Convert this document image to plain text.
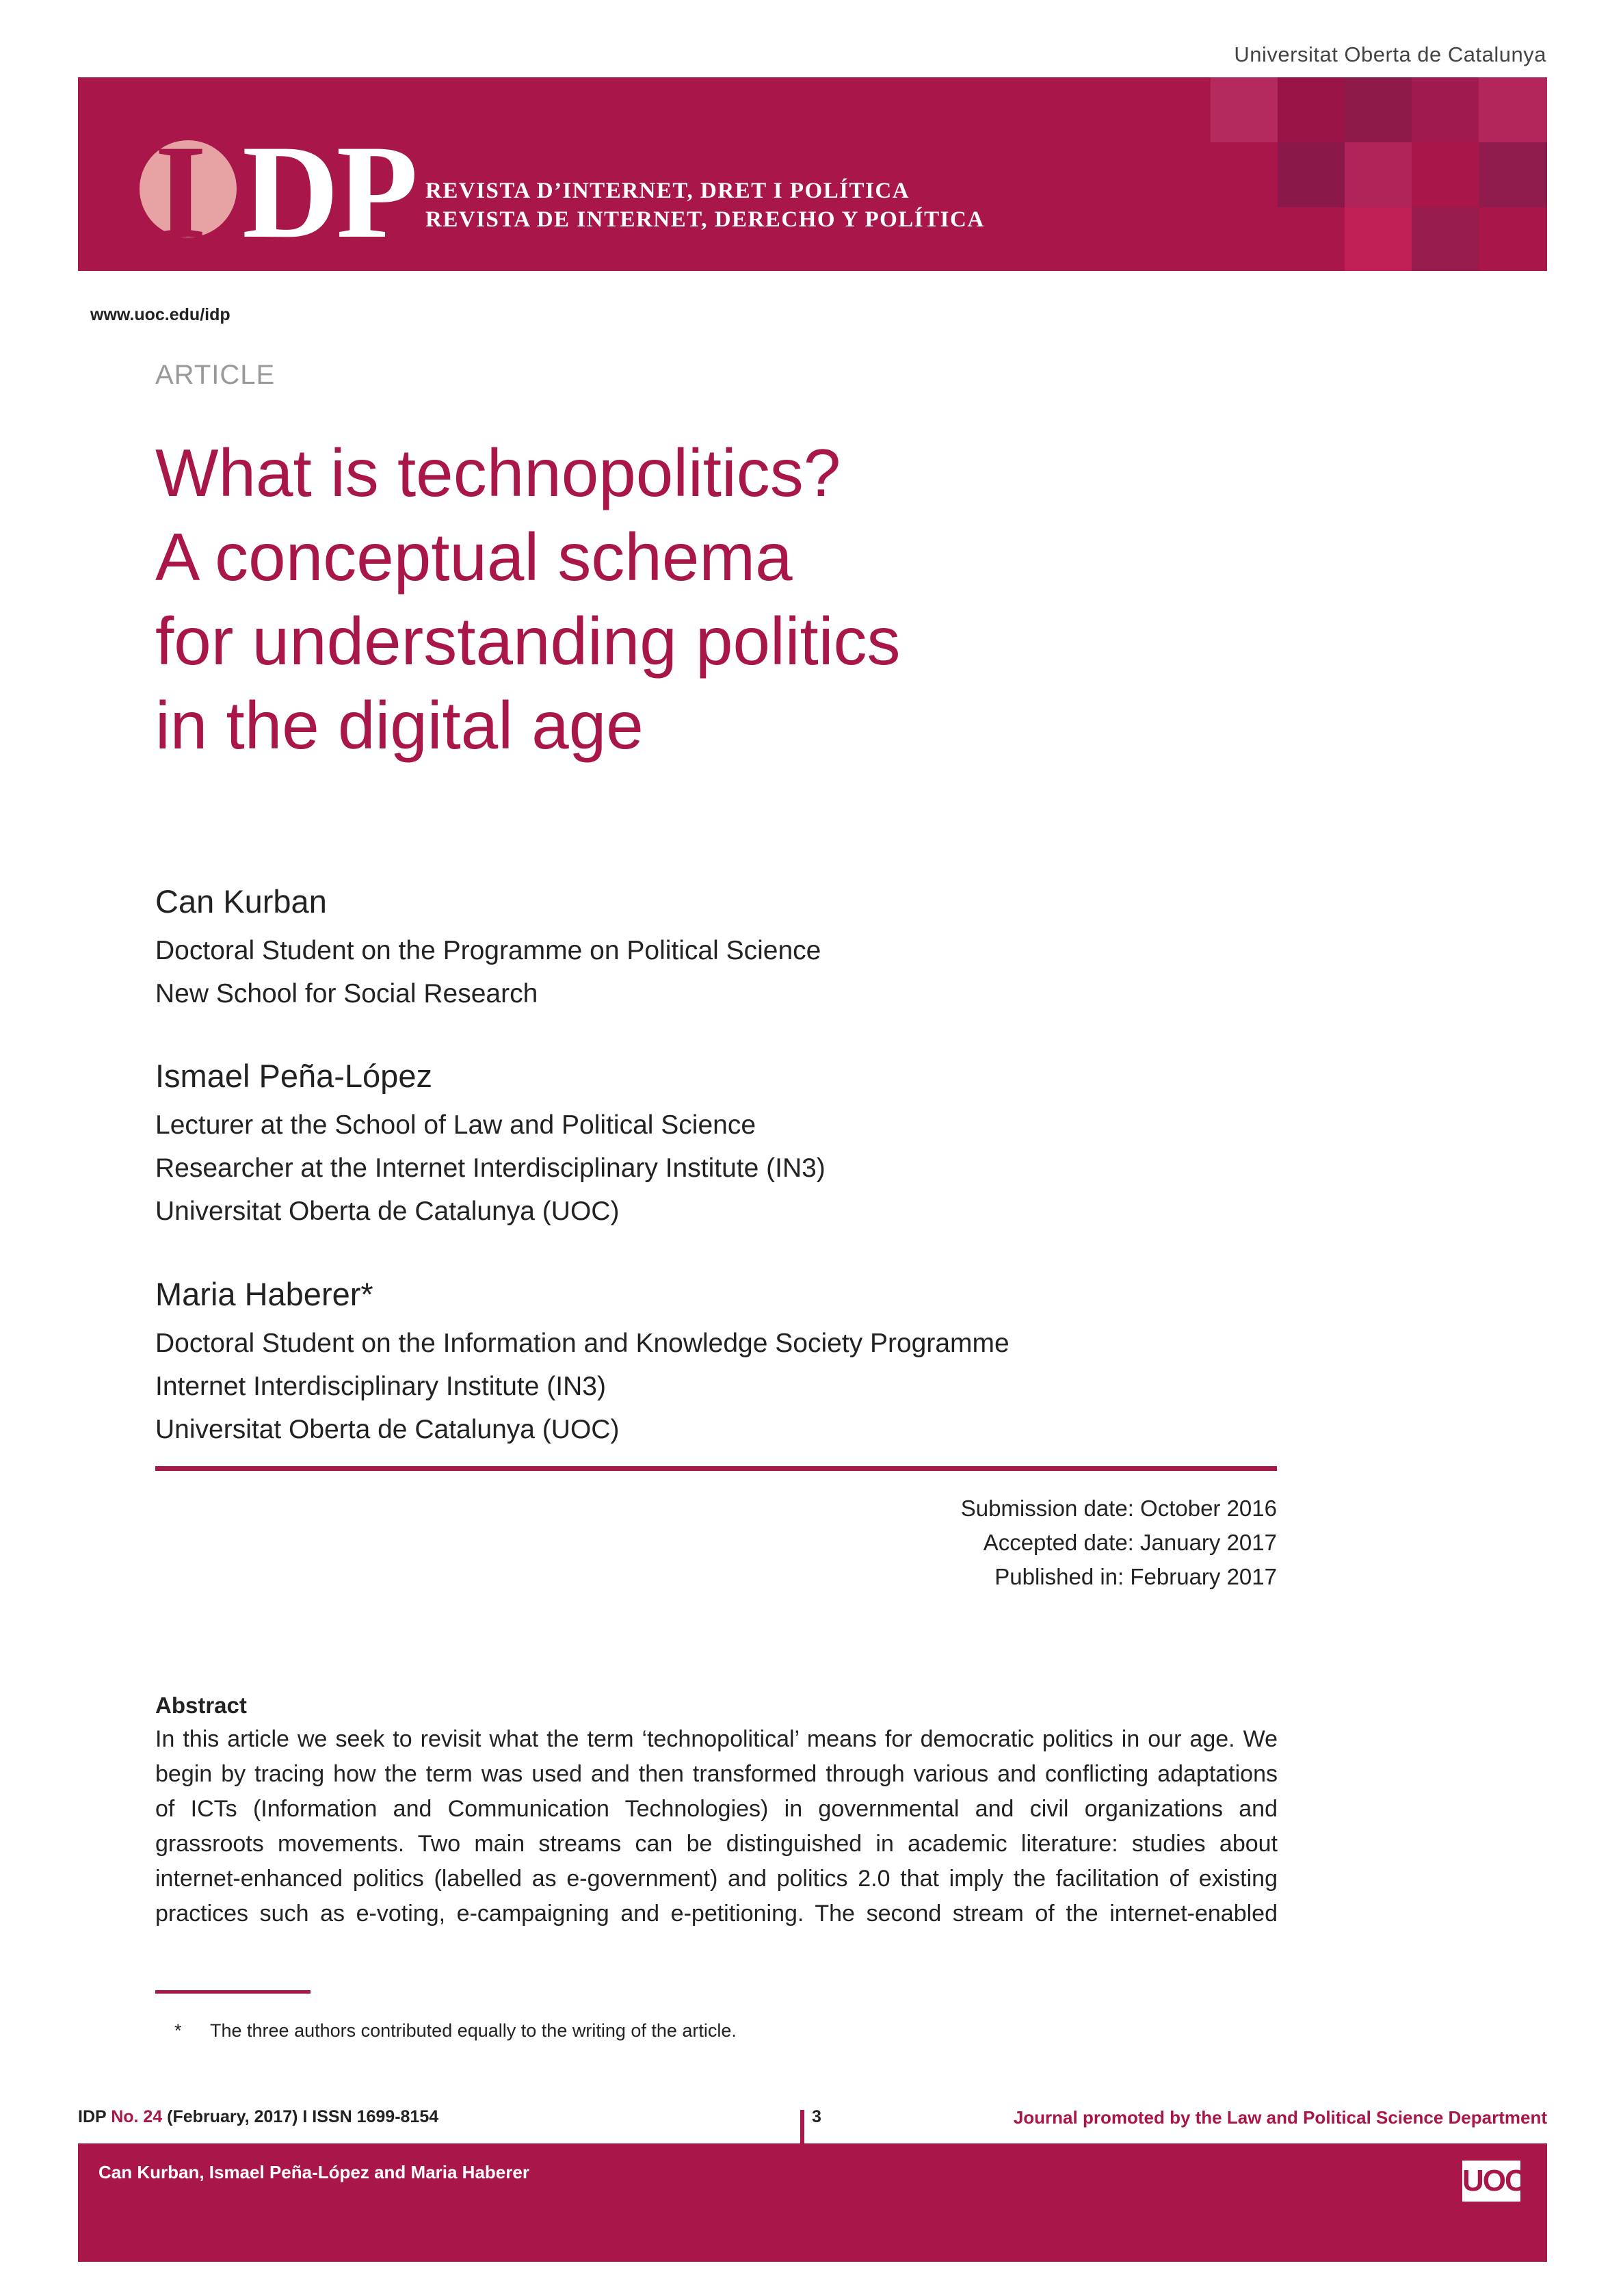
Universitat Oberta de Catalunya
I DP REVISTA D’INTERNET, DRET I POLÍTICA
REVISTA DE INTERNET, DERECHO Y POLÍTICA
www.uoc.edu/idp
ARTICLE
What is technopolitics?
A conceptual schema
for understanding politics
in the digital age
Can Kurban
Doctoral Student on the Programme on Political Science
New School for Social Research
Ismael Peña-López
Lecturer at the School of Law and Political Science
Researcher at the Internet Interdisciplinary Institute (IN3)
Universitat Oberta de Catalunya (UOC)
Maria Haberer*
Doctoral Student on the Information and Knowledge Society Programme
Internet Interdisciplinary Institute (IN3)
Universitat Oberta de Catalunya (UOC)
Submission date: October 2016
Accepted date: January 2017
Published in: February 2017
Abstract
In this article we seek to revisit what the term ‘technopolitical’ means for democratic politics in our age. We
begin by tracing how the term was used and then transformed through various and conflicting adaptations
of ICTs (Information and Communication Technologies) in governmental and civil organizations and
grassroots movements. Two main streams can be distinguished in academic literature: studies about
internet-enhanced politics (labelled as e-government) and politics 2.0 that imply the facilitation of existing
practices such as e-voting, e-campaigning and e-petitioning. The second stream of the internet-enabled
* The three authors contributed equally to the writing of the article.
IDP No. 24 (February, 2017) I ISSN 1699-8154	3	Journal promoted by the Law and Political Science Department
UOC
Can Kurban, Ismael Peña-López and Maria Haberer
